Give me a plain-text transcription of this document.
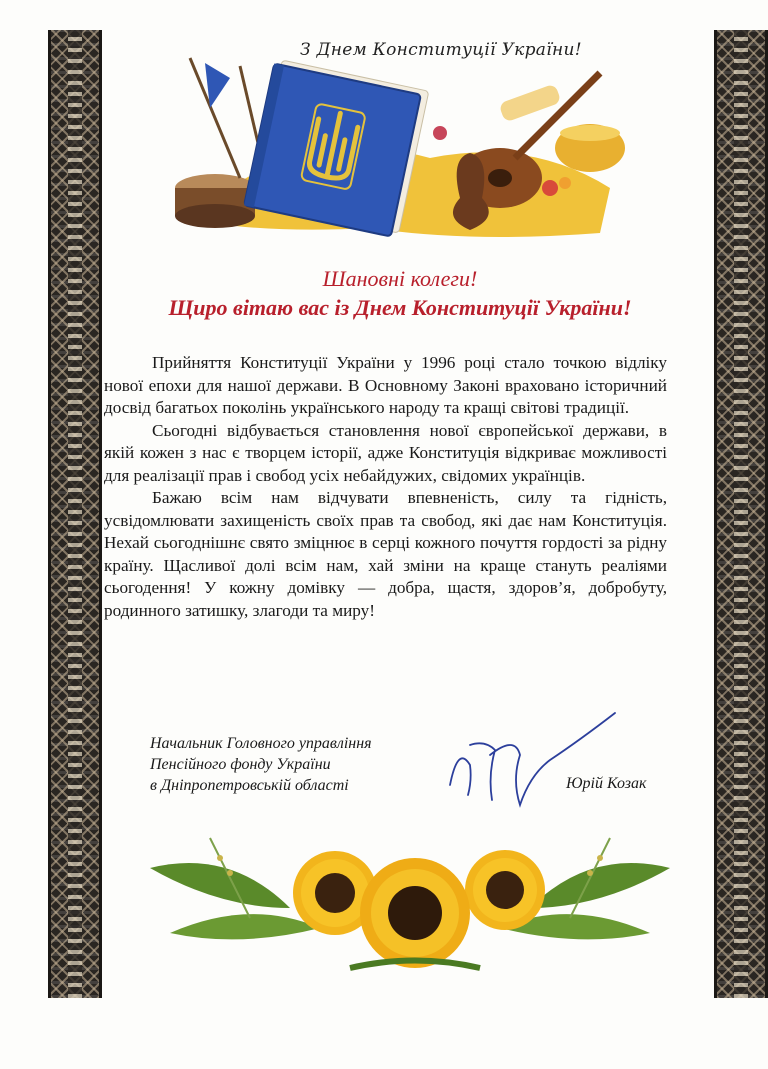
З Днем Конституції України!
Шановні колеги!
Щиро вітаю вас із Днем Конституції України!

Прийняття Конституції України у 1996 році стало точкою відліку нової епохи для нашої держави. В Основному Законі враховано історичний досвід багатьох поколінь українського народу та кращі світові традиції.

Сьогодні відбувається становлення нової європейської держави, в якій кожен з нас є творцем історії, адже Конституція відкриває можливості для реалізації прав і свобод усіх небайдужих, свідомих українців.

Бажаю всім нам відчувати впевненість, силу та гідність, усвідомлювати захищеність своїх прав та свобод, які дає нам Конституція. Нехай сьогоднішнє свято зміцнює в серці кожного почуття гордості за рідну країну. Щасливої долі всім нам, хай зміни на краще стануть реаліями сьогодення! У кожну домівку — добра, щастя, здоров’я, добробуту, родинного затишку, злагоди та миру!

Начальник Головного управління
Пенсійного фонду України
в Дніпропетровській області	Юрій Козак
